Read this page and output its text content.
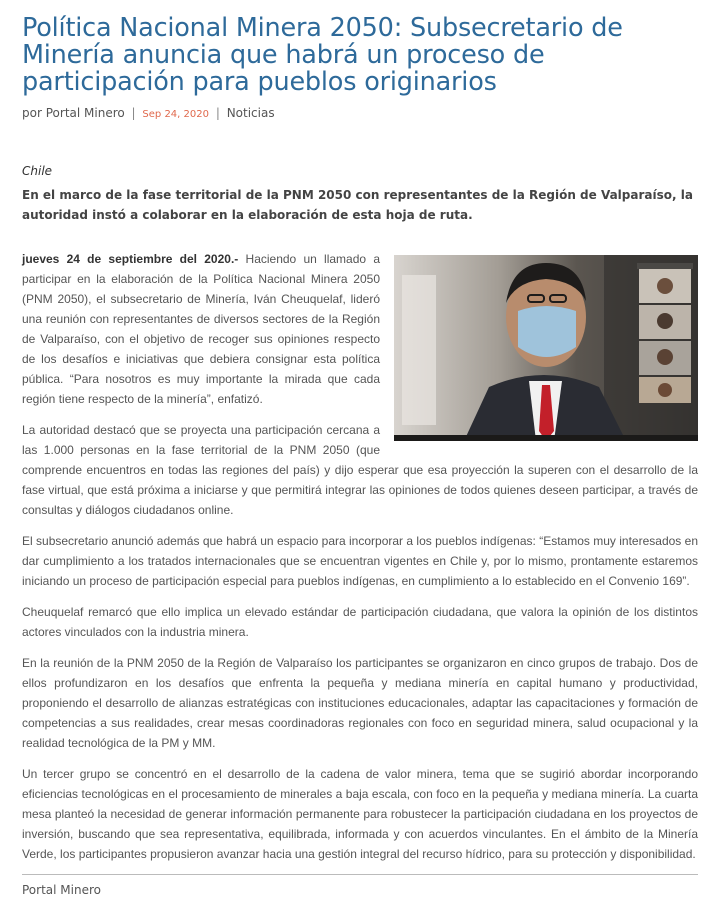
Política Nacional Minera 2050: Subsecretario de Minería anuncia que habrá un proceso de participación para pueblos originarios
por Portal Minero | Sep 24, 2020 | Noticias
Chile
En el marco de la fase territorial de la PNM 2050 con representantes de la Región de Valparaíso, la autoridad instó a colaborar en la elaboración de esta hoja de ruta.

jueves 24 de septiembre del 2020.- Haciendo un llamado a participar en la elaboración de la Política Nacional Minera 2050 (PNM 2050), el subsecretario de Minería, Iván Cheuquelaf, lideró una reunión con representantes de diversos sectores de la Región de Valparaíso, con el objetivo de recoger sus opiniones respecto de los desafíos e iniciativas que debiera consignar esta política pública. “Para nosotros es muy importante la mirada que cada región tiene respecto de la minería”, enfatizó.

La autoridad destacó que se proyecta una participación cercana a las 1.000 personas en la fase territorial de la PNM 2050 (que comprende encuentros en todas las regiones del país) y dijo esperar que esa proyección la superen con el desarrollo de la fase virtual, que está próxima a iniciarse y que permitirá integrar las opiniones de todos quienes deseen participar, a través de consultas y diálogos ciudadanos online.

El subsecretario anunció además que habrá un espacio para incorporar a los pueblos indígenas: “Estamos muy interesados en dar cumplimiento a los tratados internacionales que se encuentran vigentes en Chile y, por lo mismo, prontamente estaremos iniciando un proceso de participación especial para pueblos indígenas, en cumplimiento a lo establecido en el Convenio 169”.

Cheuquelaf remarcó que ello implica un elevado estándar de participación ciudadana, que valora la opinión de los distintos actores vinculados con la industria minera.

En la reunión de la PNM 2050 de la Región de Valparaíso los participantes se organizaron en cinco grupos de trabajo. Dos de ellos profundizaron en los desafíos que enfrenta la pequeña y mediana minería en capital humano y productividad, proponiendo el desarrollo de alianzas estratégicas con instituciones educacionales, adaptar las capacitaciones y formación de competencias a sus realidades, crear mesas coordinadoras regionales con foco en seguridad minera, salud ocupacional y la realidad tecnológica de la PM y MM.

Un tercer grupo se concentró en el desarrollo de la cadena de valor minera, tema que se sugirió abordar incorporando eficiencias tecnológicas en el procesamiento de minerales a baja escala, con foco en la pequeña y mediana minería. La cuarta mesa planteó la necesidad de generar información permanente para robustecer la participación ciudadana en los proyectos de inversión, buscando que sea representativa, equilibrada, informada y con acuerdos vinculantes. En el ámbito de la Minería Verde, los participantes propusieron avanzar hacia una gestión integral del recurso hídrico, para su protección y disponibilidad.

Portal Minero
